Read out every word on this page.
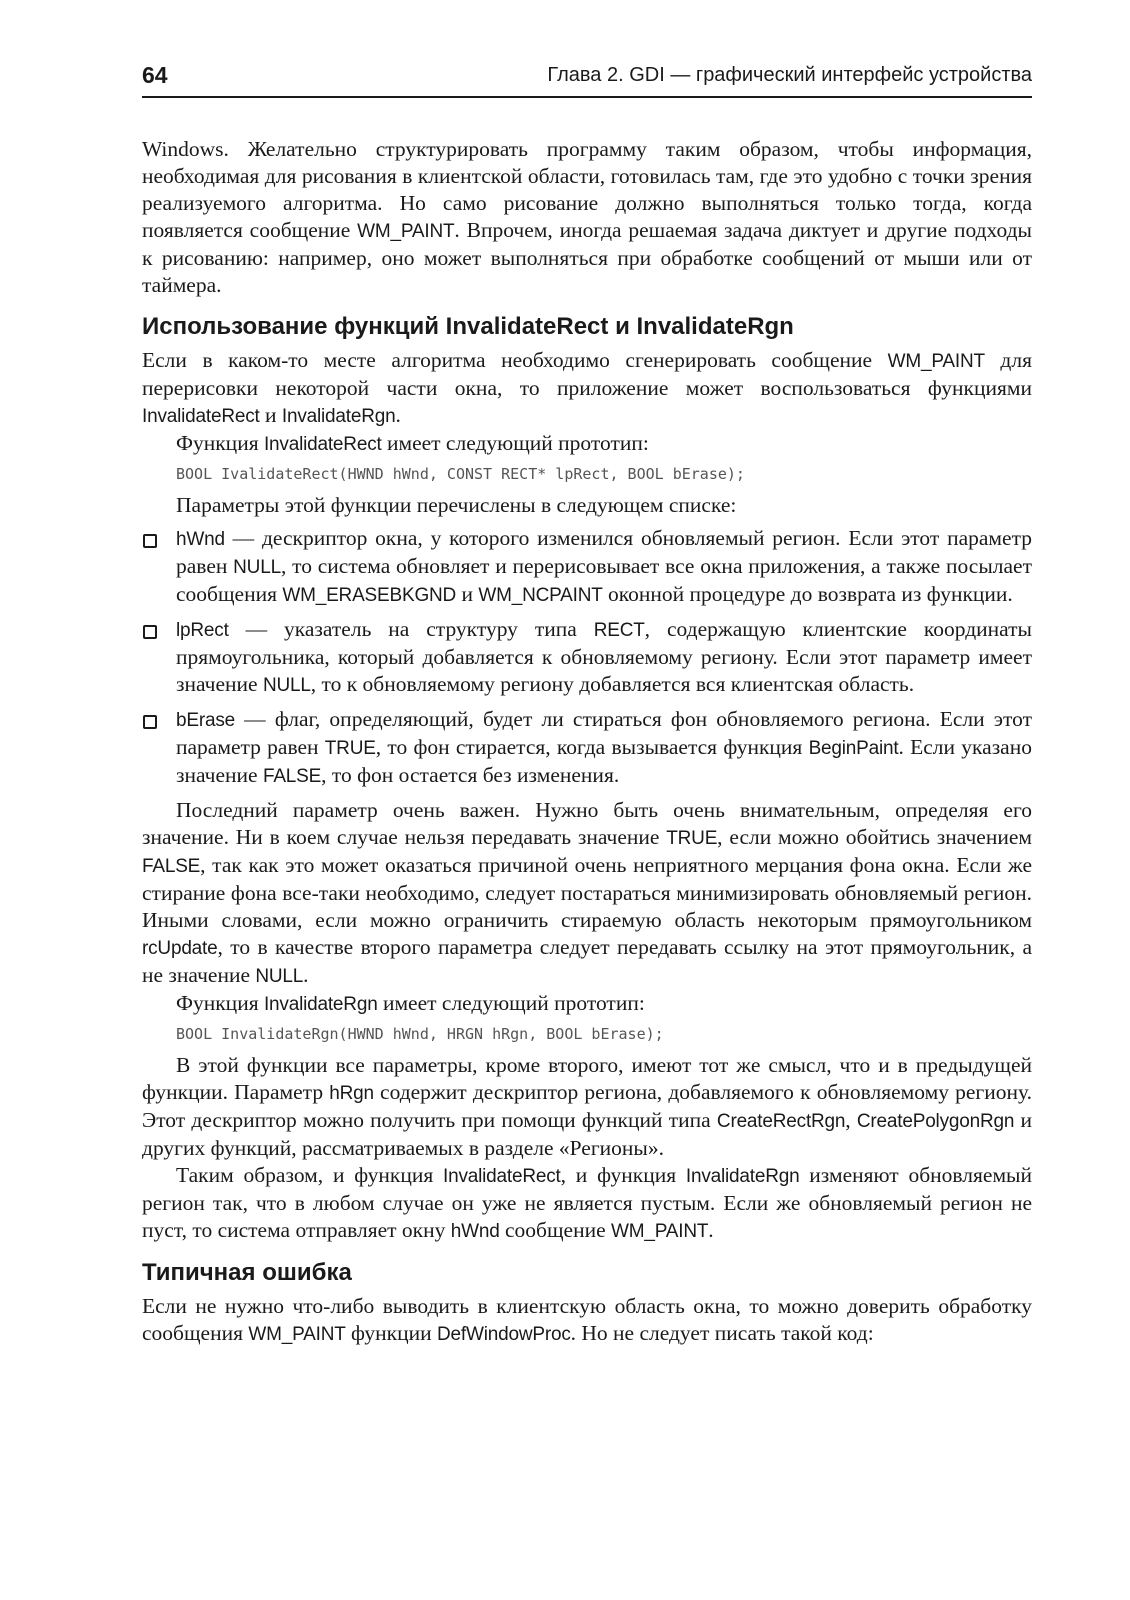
64	Глава 2. GDI — графический интерфейс устройства

Windows. Желательно структурировать программу таким образом, чтобы информация, необходимая для рисования в клиентской области, готовилась там, где это удобно с точки зрения реализуемого алгоритма. Но само рисование должно выполняться только тогда, когда появляется сообщение WM_PAINT. Впрочем, иногда решаемая задача диктует и другие подходы к рисованию: например, оно может выполняться при обработке сообщений от мыши или от таймера.

Использование функций InvalidateRect и InvalidateRgn

Если в каком-то месте алгоритма необходимо сгенерировать сообщение WM_PAINT для перерисовки некоторой части окна, то приложение может воспользоваться функциями InvalidateRect и InvalidateRgn.

Функция InvalidateRect имеет следующий прототип:

BOOL IvalidateRect(HWND hWnd, CONST RECT* lpRect, BOOL bErase);

Параметры этой функции перечислены в следующем списке:

hWnd — дескриптор окна, у которого изменился обновляемый регион. Если этот параметр равен NULL, то система обновляет и перерисовывает все окна приложения, а также посылает сообщения WM_ERASEBKGND и WM_NCPAINT оконной процедуре до возврата из функции.
lpRect — указатель на структуру типа RECT, содержащую клиентские координаты прямоугольника, который добавляется к обновляемому региону. Если этот параметр имеет значение NULL, то к обновляемому региону добавляется вся клиентская область.
bErase — флаг, определяющий, будет ли стираться фон обновляемого региона. Если этот параметр равен TRUE, то фон стирается, когда вызывается функция BeginPaint. Если указано значение FALSE, то фон остается без изменения.

Последний параметр очень важен. Нужно быть очень внимательным, определяя его значение. Ни в коем случае нельзя передавать значение TRUE, если можно обойтись значением FALSE, так как это может оказаться причиной очень неприятного мерцания фона окна. Если же стирание фона все-таки необходимо, следует постараться минимизировать обновляемый регион. Иными словами, если можно ограничить стираемую область некоторым прямоугольником rcUpdate, то в качестве второго параметра следует передавать ссылку на этот прямоугольник, а не значение NULL.

Функция InvalidateRgn имеет следующий прототип:

BOOL InvalidateRgn(HWND hWnd, HRGN hRgn, BOOL bErase);

В этой функции все параметры, кроме второго, имеют тот же смысл, что и в предыдущей функции. Параметр hRgn содержит дескриптор региона, добавляемого к обновляемому региону. Этот дескриптор можно получить при помощи функций типа CreateRectRgn, CreatePolygonRgn и других функций, рассматриваемых в разделе «Регионы».

Таким образом, и функция InvalidateRect, и функция InvalidateRgn изменяют обновляемый регион так, что в любом случае он уже не является пустым. Если же обновляемый регион не пуст, то система отправляет окну hWnd сообщение WM_PAINT.

Типичная ошибка

Если не нужно что-либо выводить в клиентскую область окна, то можно доверить обработку сообщения WM_PAINT функции DefWindowProc. Но не следует писать такой код:
